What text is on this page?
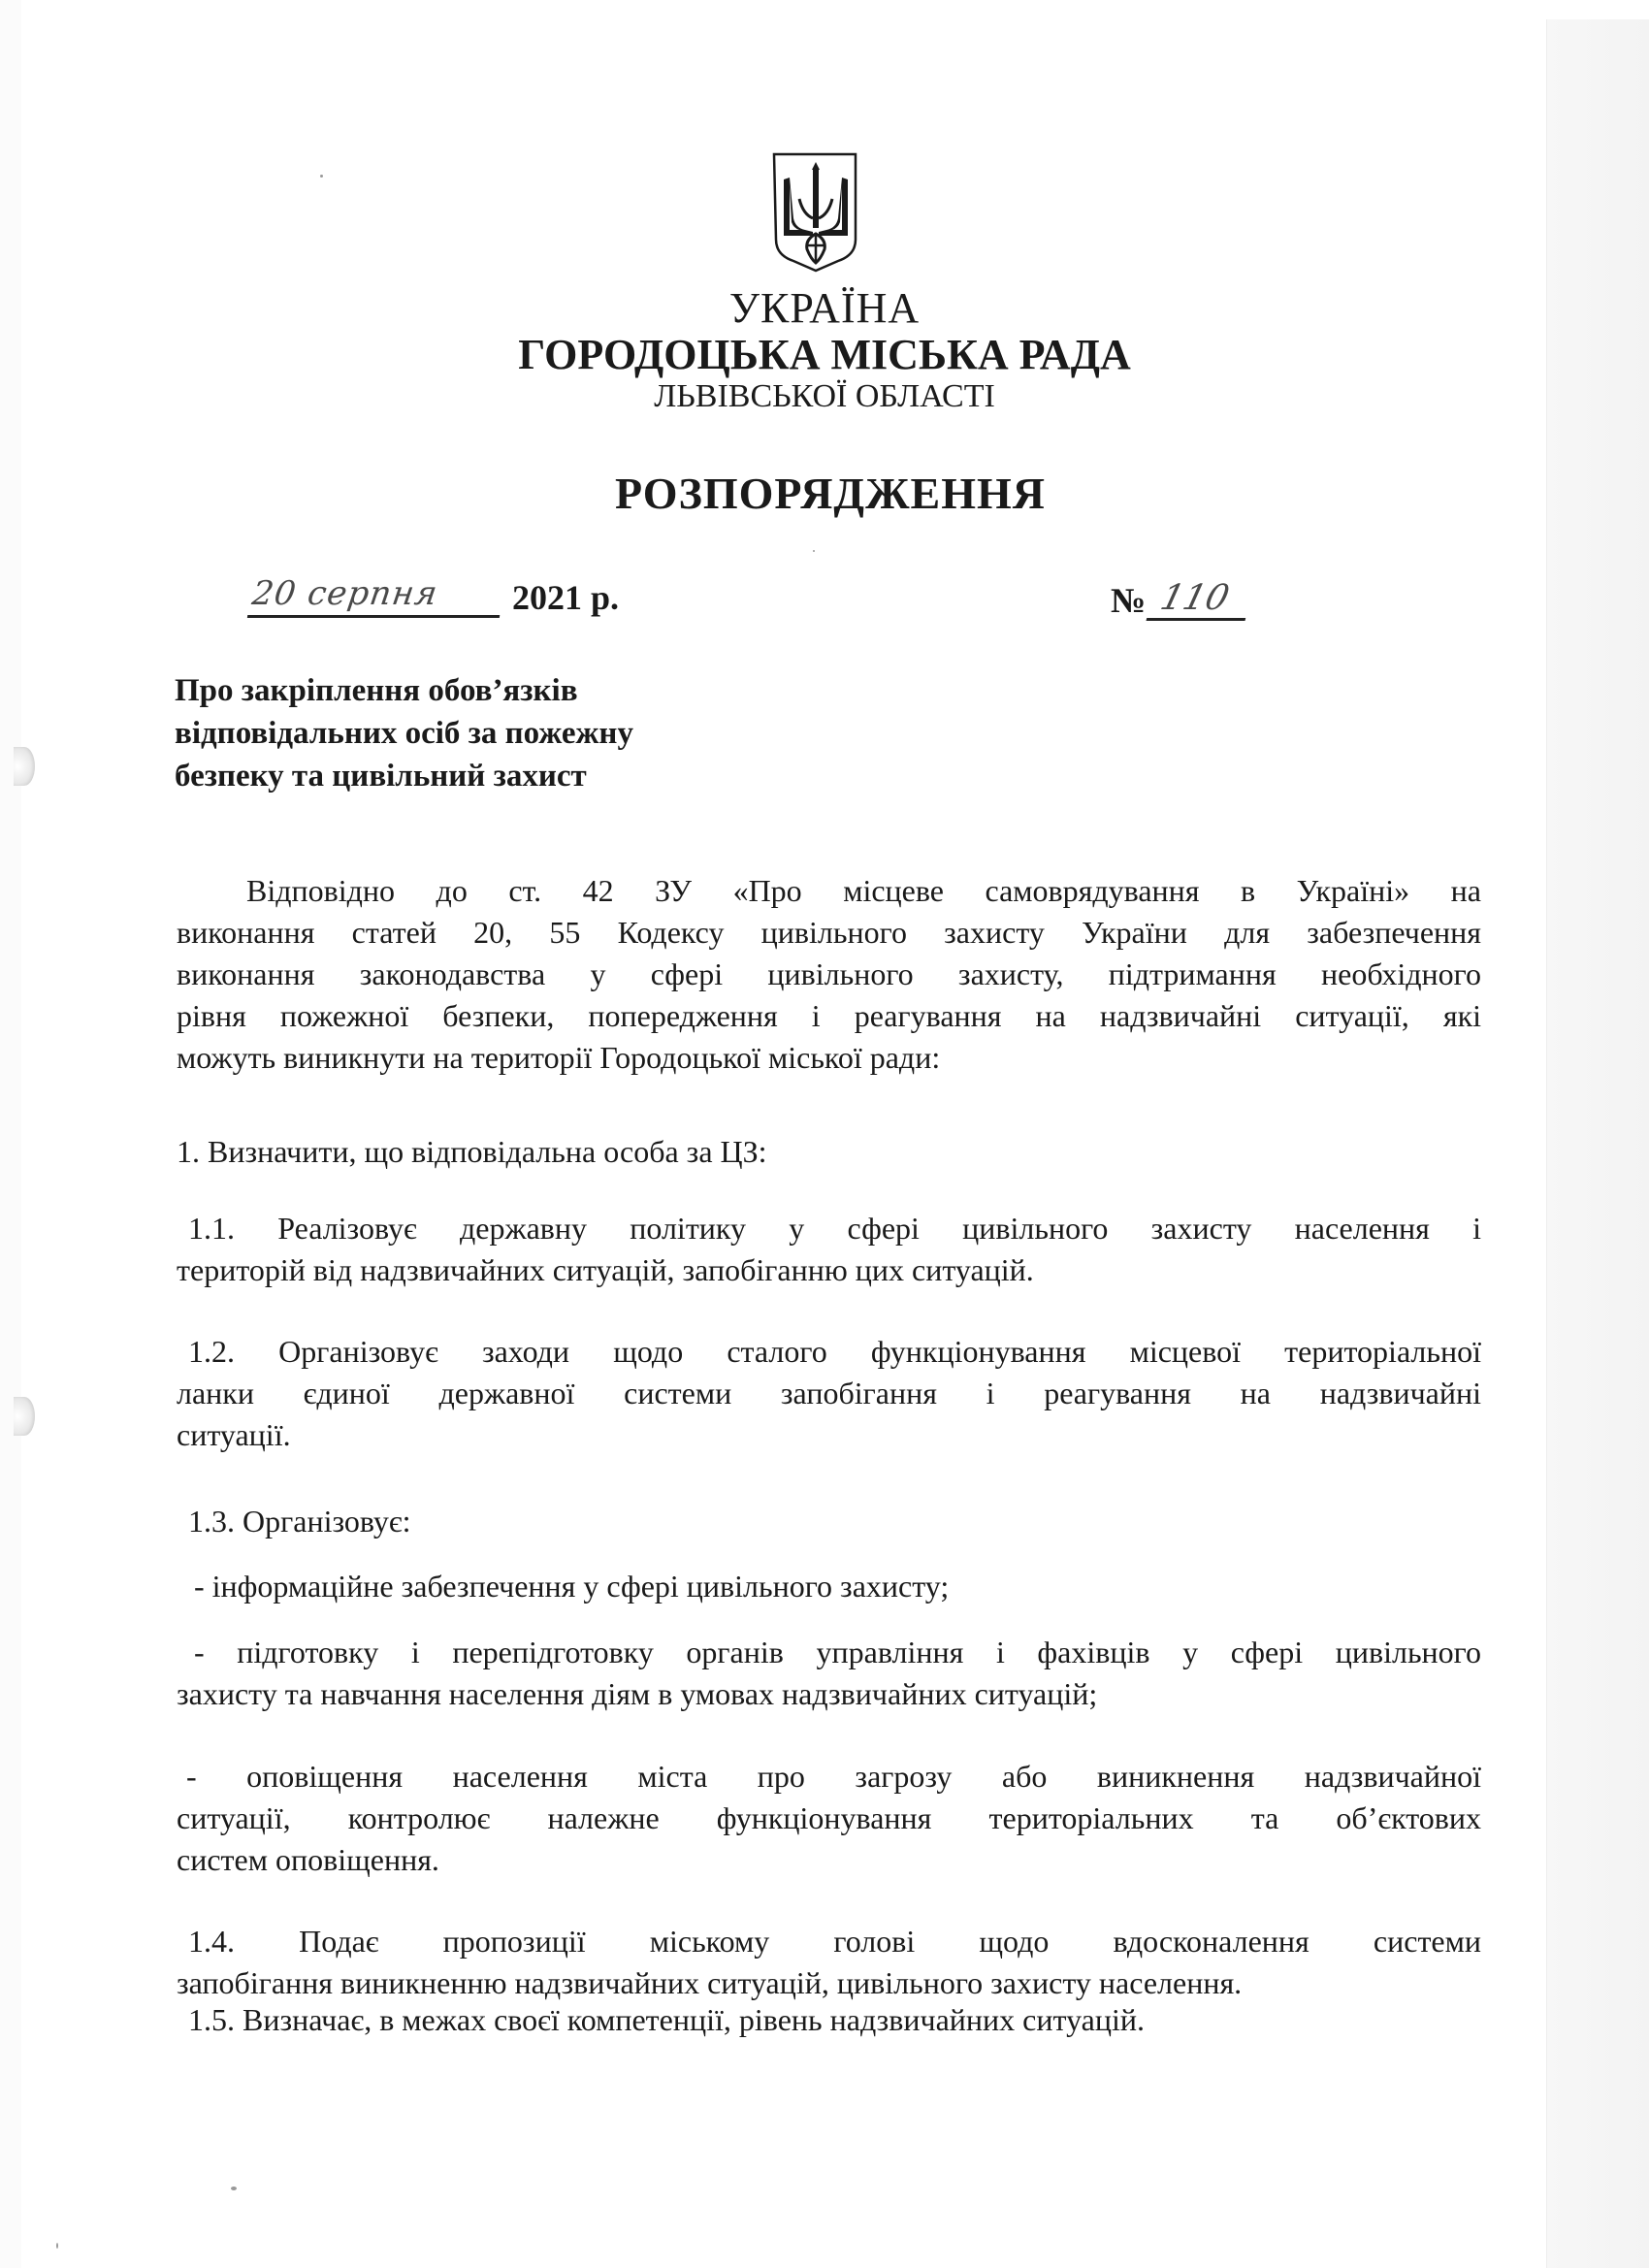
УКРАЇНА
ГОРОДОЦЬКА МІСЬКА РАДА
ЛЬВІВСЬКОЇ ОБЛАСТІ
РОЗПОРЯДЖЕННЯ
20 серпня	2021 р.	№ 110
Про закріплення обов’язків
відповідальних осіб за пожежну
безпеку та цивільний захист
Відповідно до ст. 42 ЗУ «Про місцеве самоврядування в Україні» на
виконання статей 20, 55 Кодексу цивільного захисту України для забезпечення
виконання законодавства у сфері цивільного захисту, підтримання необхідного
рівня пожежної безпеки, попередження і реагування на надзвичайні ситуації, які
можуть виникнути на території Городоцької міської ради:
1. Визначити, що відповідальна особа за ЦЗ:
1.1. Реалізовує державну політику у сфері цивільного захисту населення і
територій від надзвичайних ситуацій, запобіганню цих ситуацій.
1.2. Організовує заходи щодо сталого функціонування місцевої територіальної
ланки єдиної державної системи запобігання і реагування на надзвичайні
ситуації.
1.3. Організовує:
- інформаційне забезпечення у сфері цивільного захисту;
- підготовку і перепідготовку органів управління і фахівців у сфері цивільного
захисту та навчання населення діям в умовах надзвичайних ситуацій;
- оповіщення населення міста про загрозу або виникнення надзвичайної
ситуації, контролює належне функціонування територіальних та об’єктових
систем оповіщення.
1.4. Подає пропозиції міському голові щодо вдосконалення системи
запобігання виникненню надзвичайних ситуацій, цивільного захисту населення.
1.5. Визначає, в межах своєї компетенції, рівень надзвичайних ситуацій.
